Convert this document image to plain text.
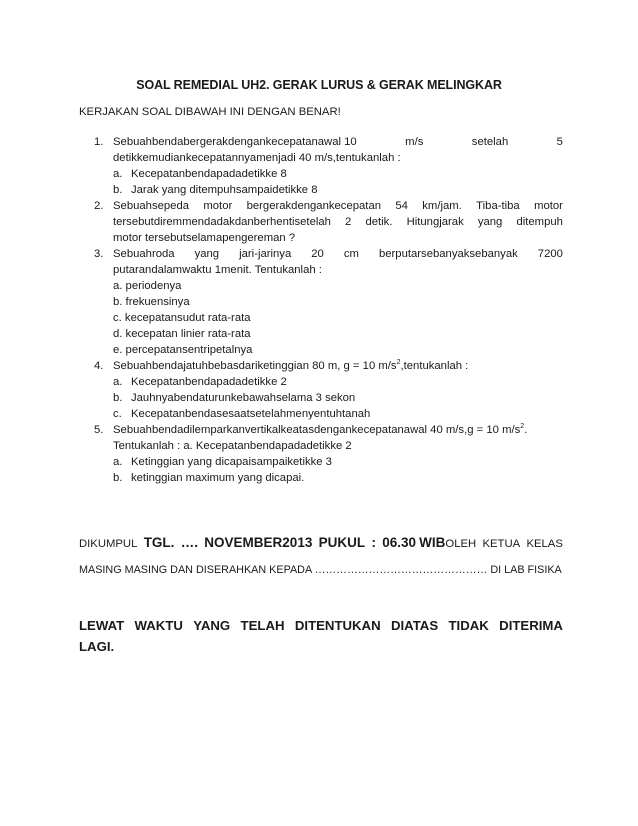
SOAL REMEDIAL UH2. GERAK LURUS & GERAK MELINGKAR
KERJAKAN SOAL DIBAWAH INI DENGAN BENAR!
1. Sebuahbendabergerakdengankecepatanawal 10	m/s	setelah	5
detikkemudiankecepatannyamenjadi 40 m/s,tentukanlah :
a. Kecepatanbendapadadetikke 8
b. Jarak yang ditempuhsampaidetikke 8
2. Sebuahsepeda motor bergerakdengankecepatan 54 km/jam. Tiba-tiba motor
tersebutdiremmendadakdanberhentisetelah 2 detik. Hitungjarak yang ditempuh
motor tersebutselamapengereman ?
3. Sebuahroda yang jari-jarinya 20 cm berputarsebanyaksebanyak 7200
putarandalamwaktu 1menit. Tentukanlah :
a. periodenya
b. frekuensinya
c. kecepatansudut rata-rata
d. kecepatan linier rata-rata
e. percepatansentripetalnya
4. Sebuahbendajatuhbebasdariketinggian 80 m, g = 10 $m/s^2,tentukanlah$ :
a. Kecepatanbendapadadetikke 2
b. Jauhnyabendaturunkebawahselama 3 sekon
c. Kecepatanbendasesaatsetelahmenyentuhtanah
5. Sebuahbendadilemparkanvertikalkeatasdengankecepatanawal 40 m/s,g = 10 $m/s^2$.
Tentukanlah : a. Kecepatanbendapadadetikke 2
a. Ketinggian yang dicapaisampaiketikke 3
b. ketinggian maximum yang dicapai.
DIKUMPUL TGL. …. NOVEMBER2013 PUKUL : 06.30 WIBOLEH KETUA KELAS
MASING MASING DAN DISERAHKAN KEPADA ………………………………………… DI LAB FISIKA
LEWAT WAKTU YANG TELAH DITENTUKAN DIATAS TIDAK DITERIMA
LAGI.
